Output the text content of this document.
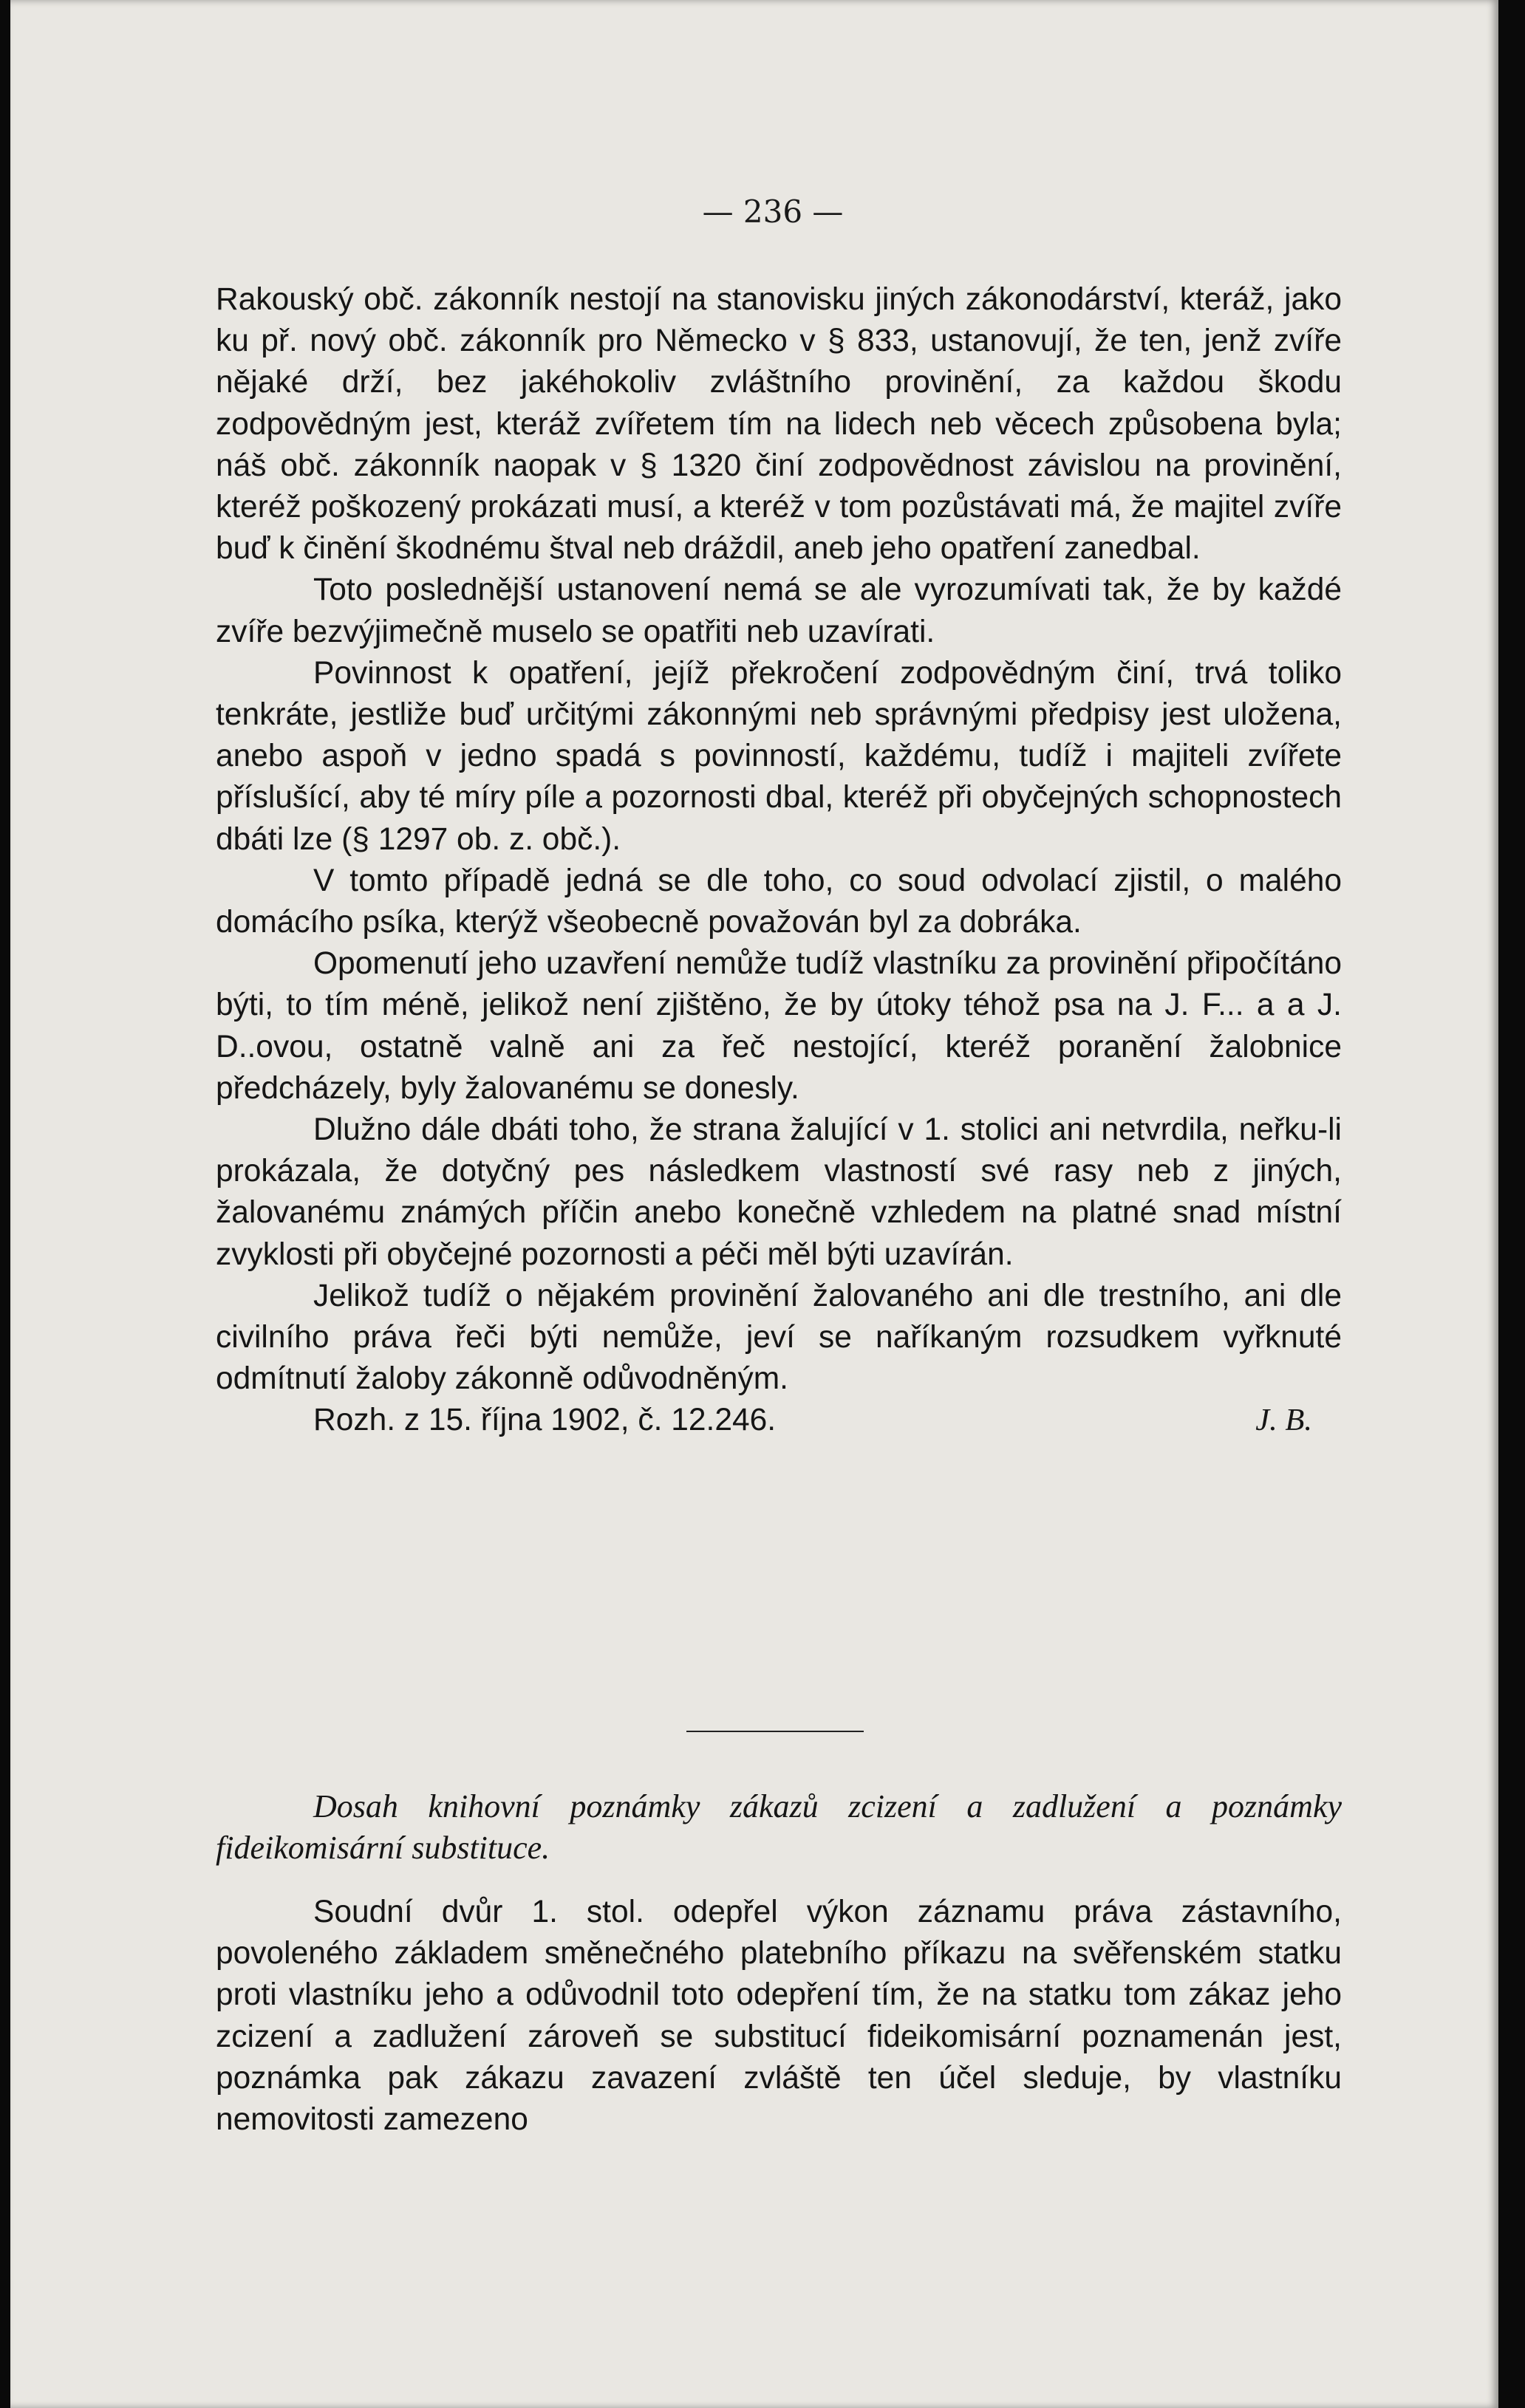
— 236 —

Rakouský obč. zákonník nestojí na stanovisku jiných zákonodárství, kteráž, jako ku př. nový obč. zákonník pro Německo v § 833, ustanovují, že ten, jenž zvíře nějaké drží, bez jakéhokoliv zvláštního provinění, za každou škodu zodpovědným jest, kteráž zvířetem tím na lidech neb věcech způsobena byla; náš obč. zákonník naopak v § 1320 činí zodpovědnost závislou na provinění, kteréž poškozený prokázati musí, a kteréž v tom pozůstávati má, že majitel zvíře buď k činění škodnému štval neb dráždil, aneb jeho opatření zanedbal.

Toto poslednější ustanovení nemá se ale vyrozumívati tak, že by každé zvíře bezvýjimečně muselo se opatřiti neb uzavírati.

Povinnost k opatření, jejíž překročení zodpovědným činí, trvá toliko tenkráte, jestliže buď určitými zákonnými neb správnými předpisy jest uložena, anebo aspoň v jedno spadá s povinností, každému, tudíž i majiteli zvířete příslušící, aby té míry píle a pozornosti dbal, kteréž při obyčejných schopnostech dbáti lze (§ 1297 ob. z. obč.).

V tomto případě jedná se dle toho, co soud odvolací zjistil, o malého domácího psíka, kterýž všeobecně považován byl za dobráka.

Opomenutí jeho uzavření nemůže tudíž vlastníku za provinění připočítáno býti, to tím méně, jelikož není zjištěno, že by útoky téhož psa na J. F... a a J. D..ovou, ostatně valně ani za řeč nestojící, kteréž poranění žalobnice předcházely, byly žalovanému se donesly.

Dlužno dále dbáti toho, že strana žalující v 1. stolici ani netvrdila, neřku-li prokázala, že dotyčný pes následkem vlastností své rasy neb z jiných, žalovanému známých příčin anebo konečně vzhledem na platné snad místní zvyklosti při obyčejné pozornosti a péči měl býti uzavírán.

Jelikož tudíž o nějakém provinění žalovaného ani dle trestního, ani dle civilního práva řeči býti nemůže, jeví se naříkaným rozsudkem vyřknuté odmítnutí žaloby zákonně odůvodněným.

Rozh. z 15. října 1902, č. 12.246.	J. B.
Dosah knihovní poznámky zákazů zcizení a zadlužení a poznámky fideikomisární substituce.

Soudní dvůr 1. stol. odepřel výkon záznamu práva zástavního, povoleného základem směnečného platebního příkazu na svěřenském statku proti vlastníku jeho a odůvodnil toto odepření tím, že na statku tom zákaz jeho zcizení a zadlužení zároveň se substitucí fideikomisární poznamenán jest, poznámka pak zákazu zavazení zvláště ten účel sleduje, by vlastníku nemovitosti zamezeno
